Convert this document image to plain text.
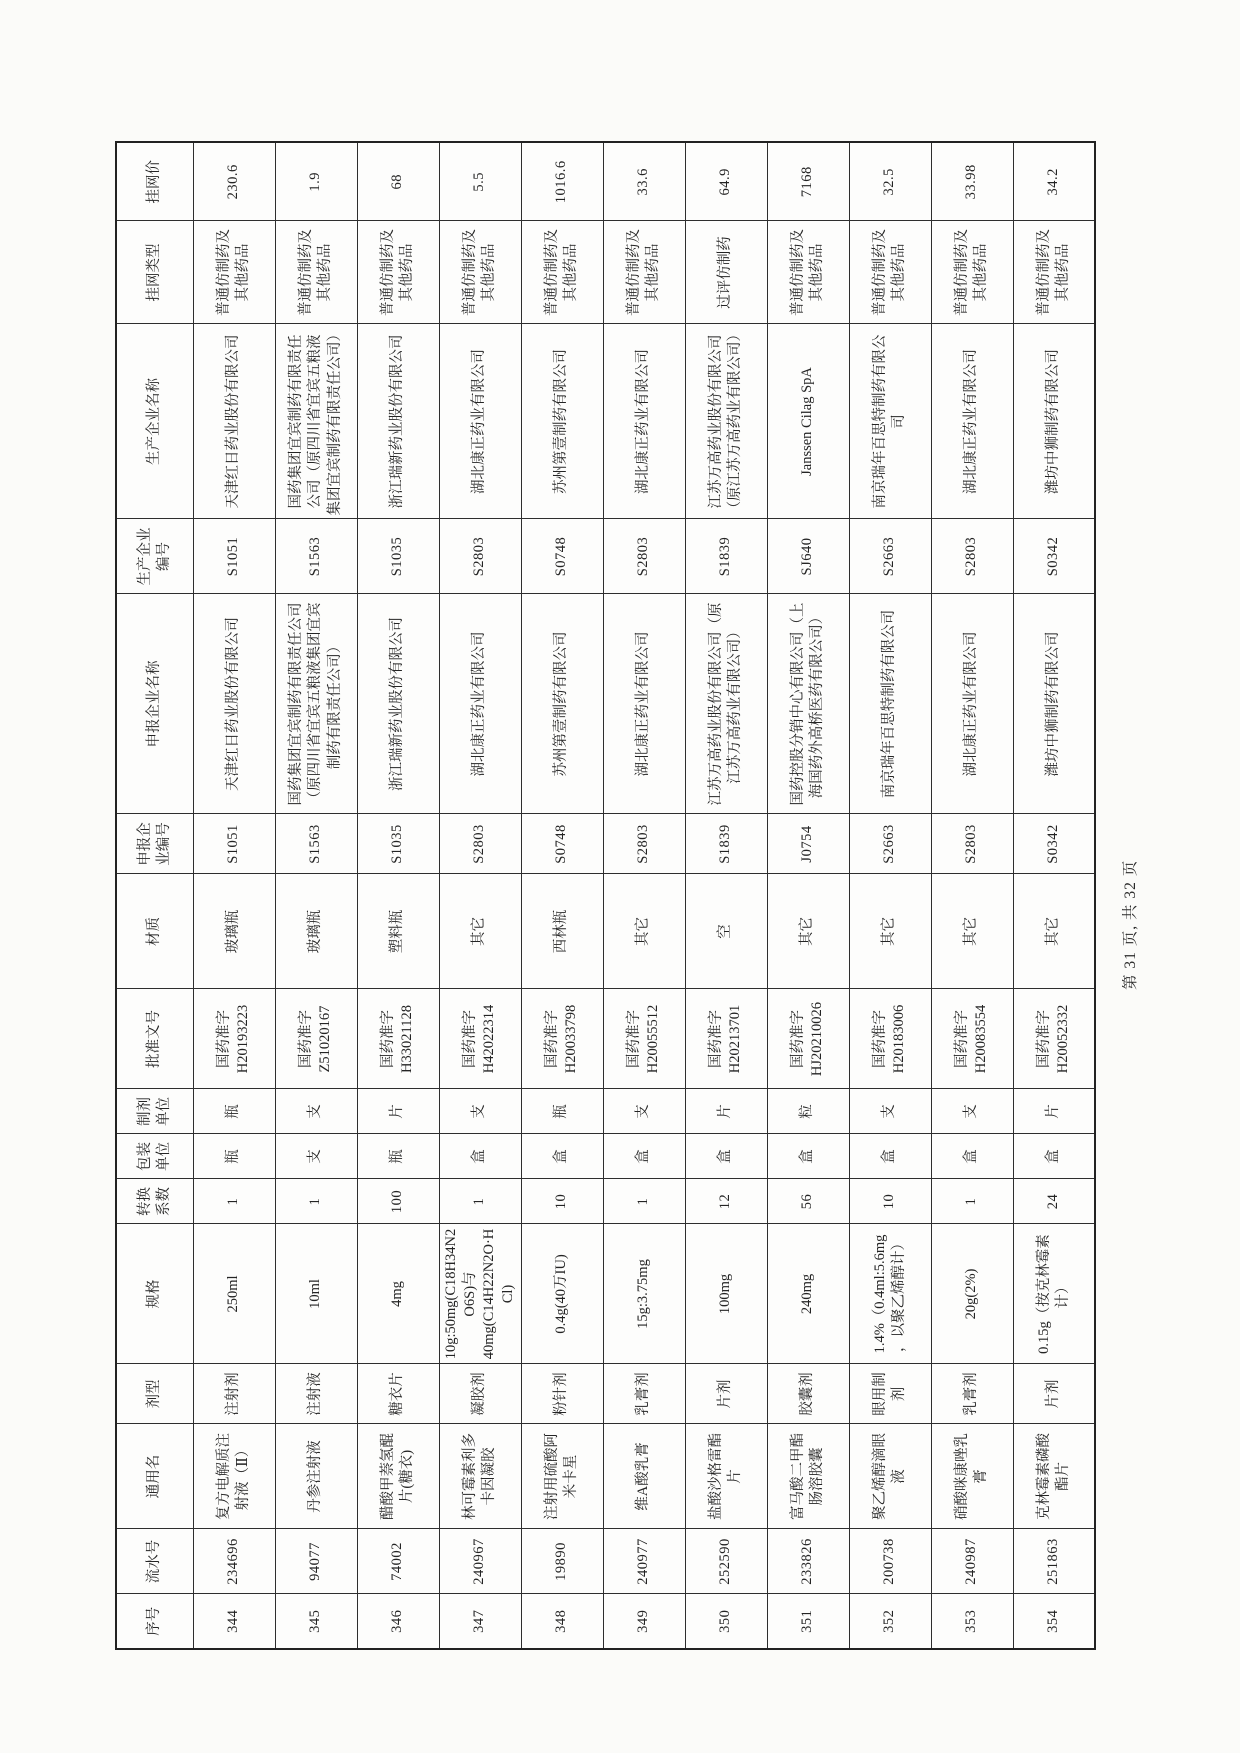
序号	流水号	通用名	剂型	规格	转换系数	包装单位	制剂单位	批准文号	材质	申报企业编号	申报企业名称	生产企业编号	生产企业名称	挂网类型	挂网价
344	234696	复方电解质注射液（Ⅱ）	注射剂	250ml	1	瓶	瓶	国药准字H20193223	玻璃瓶	S1051	天津红日药业股份有限公司	S1051	天津红日药业股份有限公司	普通仿制药及其他药品	230.6
345	94077	丹参注射液	注射液	10ml	1	支	支	国药准字Z51020167	玻璃瓶	S1563	国药集团宜宾制药有限责任公司（原四川省宜宾五粮液集团宜宾制药有限责任公司）	S1563	国药集团宜宾制药有限责任公司（原四川省宜宾五粮液集团宜宾制药有限责任公司）	普通仿制药及其他药品	1.9
346	74002	醋酸甲萘氢醌片(糖衣)	糖衣片	4mg	100	瓶	片	国药准字H33021128	塑料瓶	S1035	浙江瑞新药业股份有限公司	S1035	浙江瑞新药业股份有限公司	普通仿制药及其他药品	68
347	240967	林可霉素利多卡因凝胶	凝胶剂	10g:50mg(C18H34N2O6S)与40mg(C14H22N2O·HCl)	1	盒	支	国药准字H42022314	其它	S2803	湖北康正药业有限公司	S2803	湖北康正药业有限公司	普通仿制药及其他药品	5.5
348	19890	注射用硫酸阿米卡星	粉针剂	0.4g(40万IU)	10	盒	瓶	国药准字H20033798	西林瓶	S0748	苏州第壹制药有限公司	S0748	苏州第壹制药有限公司	普通仿制药及其他药品	1016.6
349	240977	维A酸乳膏	乳膏剂	15g:3.75mg	1	盒	支	国药准字H20055512	其它	S2803	湖北康正药业有限公司	S2803	湖北康正药业有限公司	普通仿制药及其他药品	33.6
350	252590	盐酸沙格雷酯片	片剂	100mg	12	盒	片	国药准字H20213701	空	S1839	江苏万高药业股份有限公司（原江苏万高药业有限公司）	S1839	江苏万高药业股份有限公司（原江苏万高药业有限公司）	过评仿制药	64.9
351	233826	富马酸二甲酯肠溶胶囊	胶囊剂	240mg	56	盒	粒	国药准字HJ20210026	其它	J0754	国药控股分销中心有限公司（上海国药外高桥医药有限公司）	SJ640	Janssen Cilag SpA	普通仿制药及其他药品	7168
352	200738	聚乙烯醇滴眼液	眼用制剂	1.4%（0.4ml:5.6mg，以聚乙烯醇计）	10	盒	支	国药准字H20183006	其它	S2663	南京瑞年百思特制药有限公司	S2663	南京瑞年百思特制药有限公司	普通仿制药及其他药品	32.5
353	240987	硝酸咪康唑乳膏	乳膏剂	20g(2%)	1	盒	支	国药准字H20083554	其它	S2803	湖北康正药业有限公司	S2803	湖北康正药业有限公司	普通仿制药及其他药品	33.98
354	251863	克林霉素磷酸酯片	片剂	0.15g（按克林霉素计）	24	盒	片	国药准字H20052332	其它	S0342	潍坊中狮制药有限公司	S0342	潍坊中狮制药有限公司	普通仿制药及其他药品	34.2
第 31 页, 共 32 页
